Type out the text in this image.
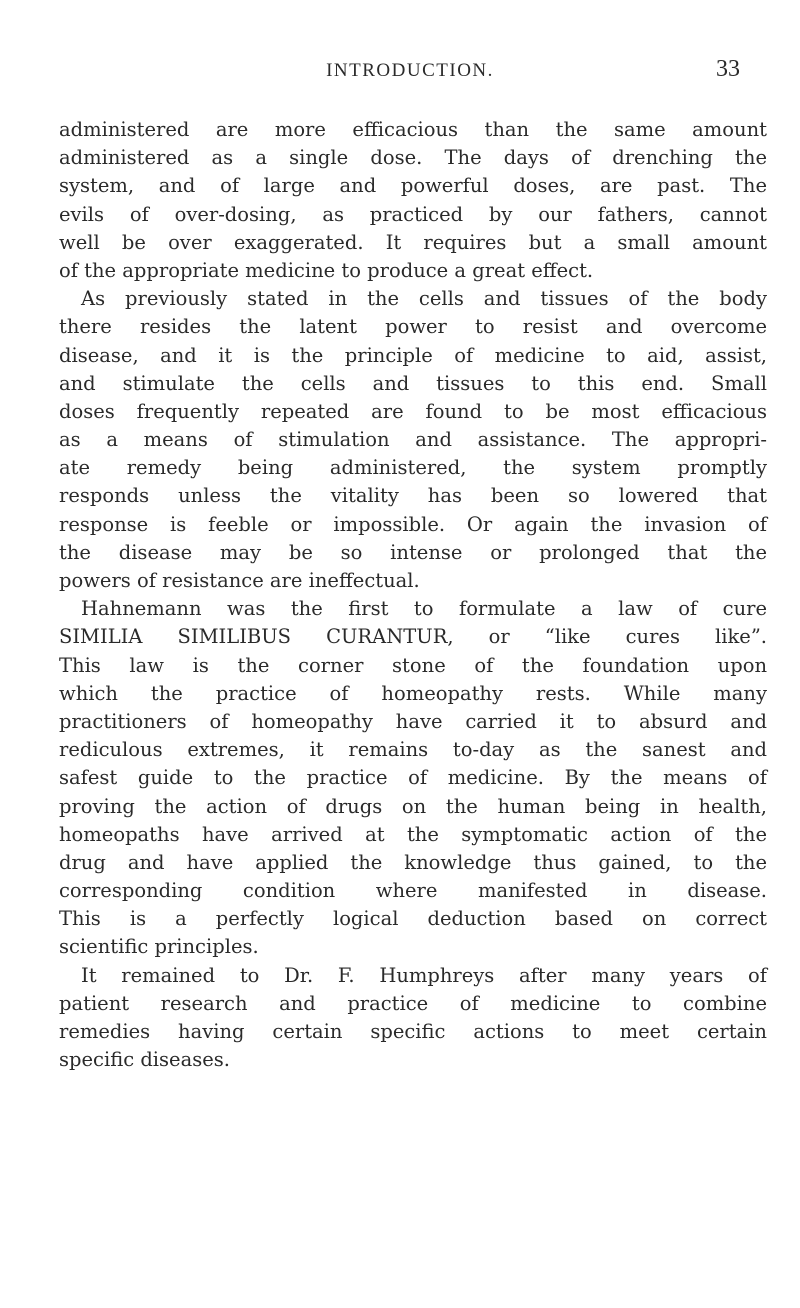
INTRODUCTION.	33
administered are more efficacious than the same amount
administered as a single dose. The days of drenching the
system, and of large and powerful doses, are past. The
evils of over-dosing, as practiced by our fathers, cannot
well be over exaggerated. It requires but a small amount
of the appropriate medicine to produce a great effect.
As previously stated in the cells and tissues of the body
there resides the latent power to resist and overcome
disease, and it is the principle of medicine to aid, assist,
and stimulate the cells and tissues to this end. Small
doses frequently repeated are found to be most efficacious
as a means of stimulation and assistance. The appropri-
ate remedy being administered, the system promptly
responds unless the vitality has been so lowered that
response is feeble or impossible. Or again the invasion of
the disease may be so intense or prolonged that the
powers of resistance are ineffectual.
Hahnemann was the first to formulate a law of cure
SIMILIA SIMILIBUS CURANTUR, or “like cures like”.
This law is the corner stone of the foundation upon
which the practice of homeopathy rests. While many
practitioners of homeopathy have carried it to absurd and
rediculous extremes, it remains to-day as the sanest and
safest guide to the practice of medicine. By the means of
proving the action of drugs on the human being in health,
homeopaths have arrived at the symptomatic action of the
drug and have applied the knowledge thus gained, to the
corresponding condition where manifested in disease.
This is a perfectly logical deduction based on correct
scientific principles.
It remained to Dr. F. Humphreys after many years of
patient research and practice of medicine to combine
remedies having certain specific actions to meet certain
specific diseases.
